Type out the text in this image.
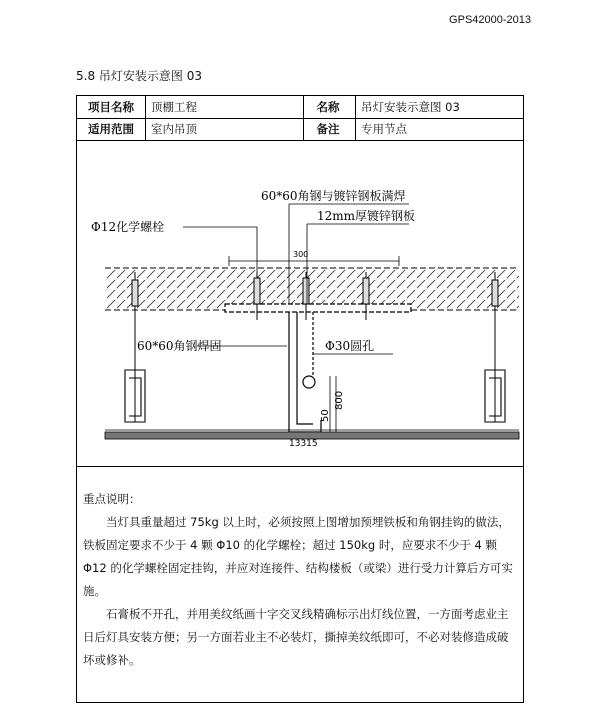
GPS42000-2013
5.8 吊灯安装示意图 03
项目名称	顶棚工程	名称	吊灯安装示意图 03
适用范围	室内吊顶	备注	专用节点
50
800
13315
60*60角钢与镀锌钢板满焊
12mm厚镀锌钢板
Φ12化学螺栓
300
60*60角钢焊固	Φ30圆孔

重点说明：

当灯具重量超过 75kg 以上时，必须按照上图增加预埋铁板和角钢挂钩的做法，铁板固定要求不少于 4 颗 Φ10 的化学螺栓；超过 150kg 时，应要求不少于 4 颗 Φ12 的化学螺栓固定挂钩，并应对连接件、结构楼板（或梁）进行受力计算后方可实施。

石膏板不开孔，并用美纹纸画十字交叉线精确标示出灯线位置，一方面考虑业主日后灯具安装方便；另一方面若业主不必装灯，撕掉美纹纸即可，不必对装修造成破坏或修补。
